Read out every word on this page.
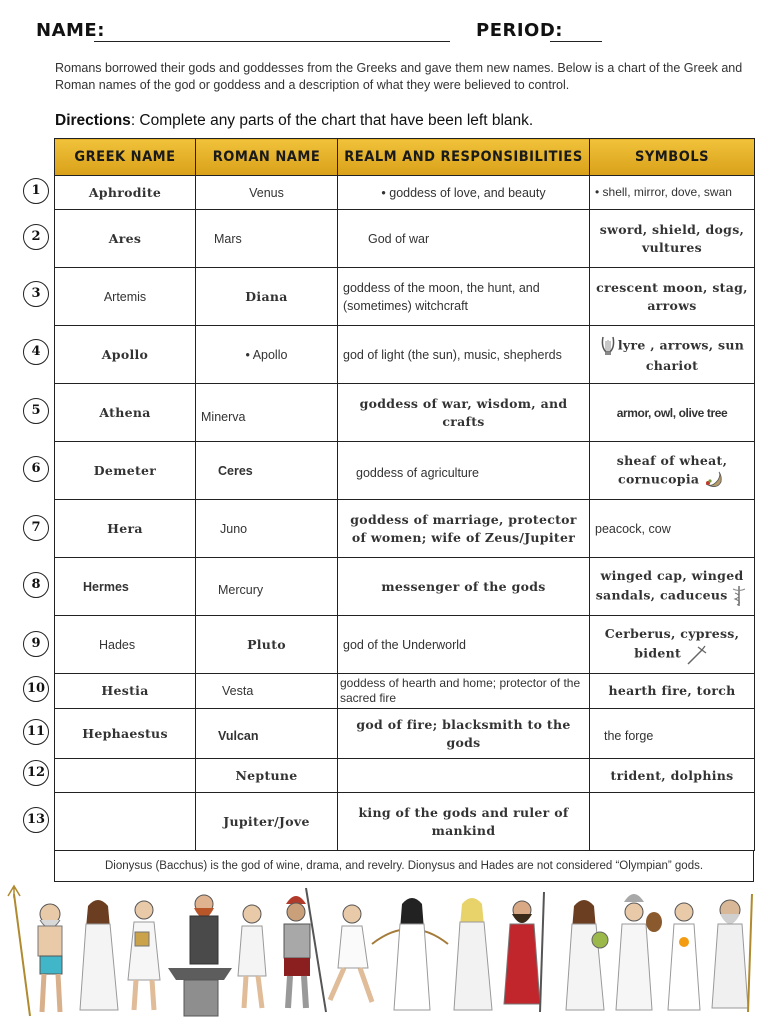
NAME:	PERIOD:
Romans borrowed their gods and goddesses from the Greeks and gave them new names. Below is a chart of the Greek and Roman names of the god or goddess and a description of what they were believed to control.
Directions: Complete any parts of the chart that have been left blank.
1
2
3
4
5
6
7
8
9
10
11
12
13
GREEK NAME	ROMAN NAME	REALM AND RESPONSIBILITIES	SYMBOLS
Aphrodite	Venus	• goddess of love, and beauty	• shell, mirror, dove, swan
Ares	Mars	God of war	sword, shield, dogs, vultures
Artemis	Diana	goddess of the moon, the hunt, and (sometimes) witchcraft	crescent moon, stag, arrows
Apollo	• Apollo	god of light (the sun), music, shepherds	lyre , arrows, sun chariot
Athena	Minerva	goddess of war, wisdom, and crafts	armor, owl, olive tree
Demeter	Ceres	goddess of agriculture	sheaf of wheat, cornucopia
Hera	Juno	goddess of marriage, protector of women; wife of Zeus/Jupiter	peacock, cow
Hermes	Mercury	messenger of the gods	winged cap, winged sandals, caduceus
Hades	Pluto	god of the Underworld	Cerberus, cypress, bident
Hestia	Vesta	goddess of hearth and home; protector of the sacred fire	hearth fire, torch
Hephaestus	Vulcan	god of fire; blacksmith to the gods	the forge
	Neptune		trident, dolphins
	Jupiter/Jove	king of the gods and ruler of mankind	
Dionysus (Bacchus) is the god of wine, drama, and revelry. Dionysus and Hades are not considered “Olympian” gods.
